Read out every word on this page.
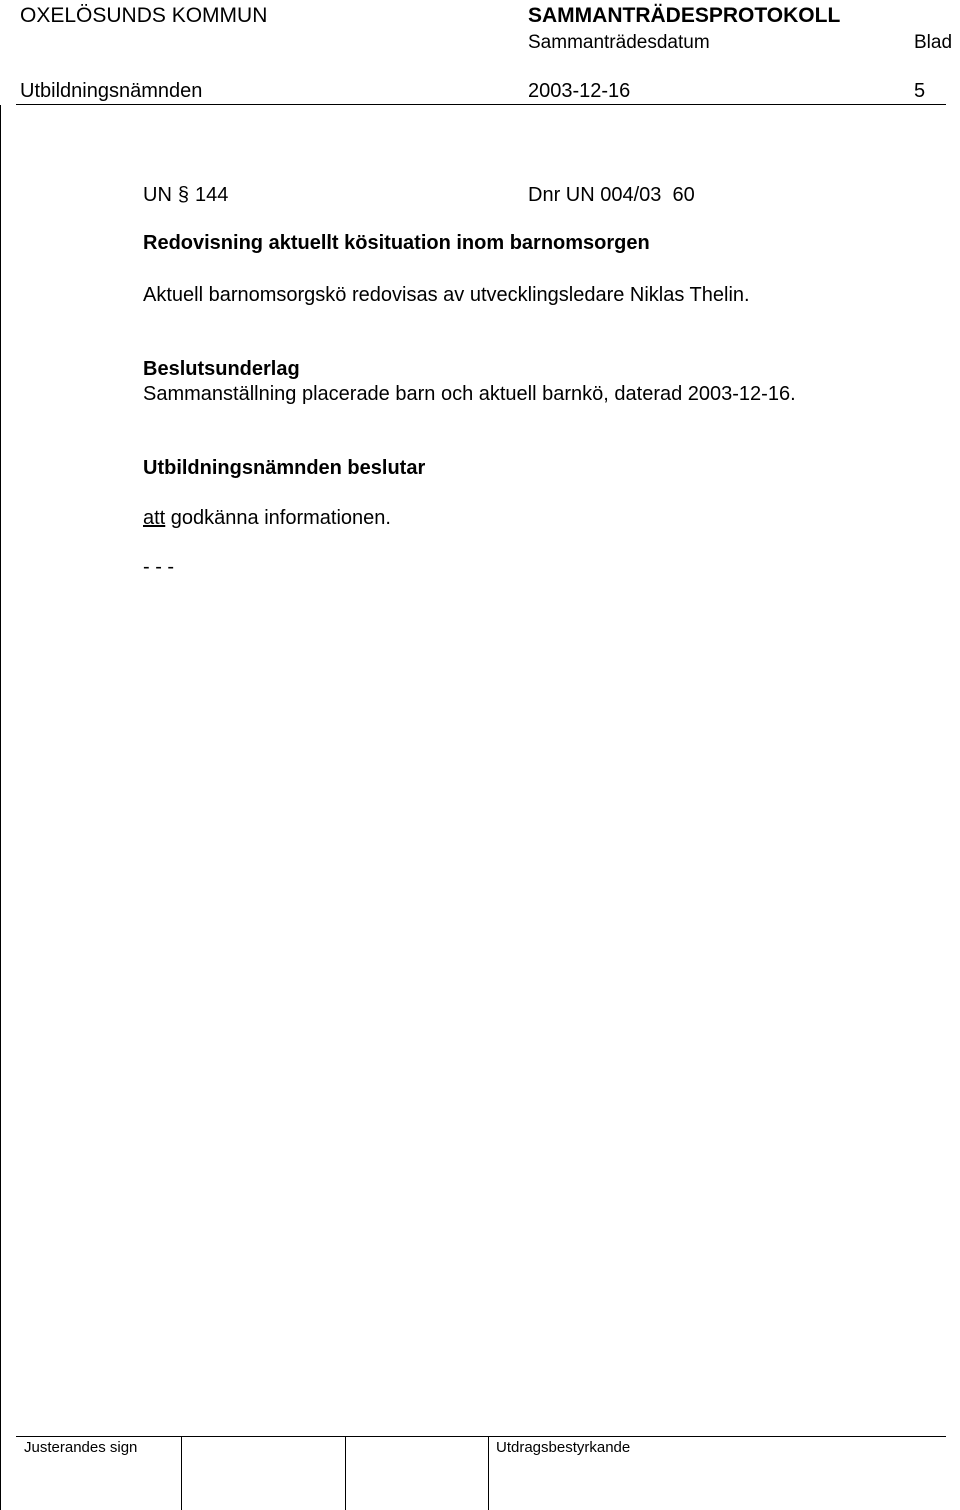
OXELÖSUNDS KOMMUN	SAMMANTRÄDESPROTOKOLL
Sammanträdesdatum	Blad
Utbildningsnämnden	2003-12-16	5
UN § 144	Dnr UN 004/03  60
Redovisning aktuellt kösituation inom barnomsorgen
Aktuell barnomsorgskö redovisas av utvecklingsledare Niklas Thelin.
Beslutsunderlag
Sammanställning placerade barn och aktuell barnkö, daterad 2003-12-16.
Utbildningsnämnden beslutar
att godkänna informationen.
- - -
Justerandes sign	Utdragsbestyrkande
